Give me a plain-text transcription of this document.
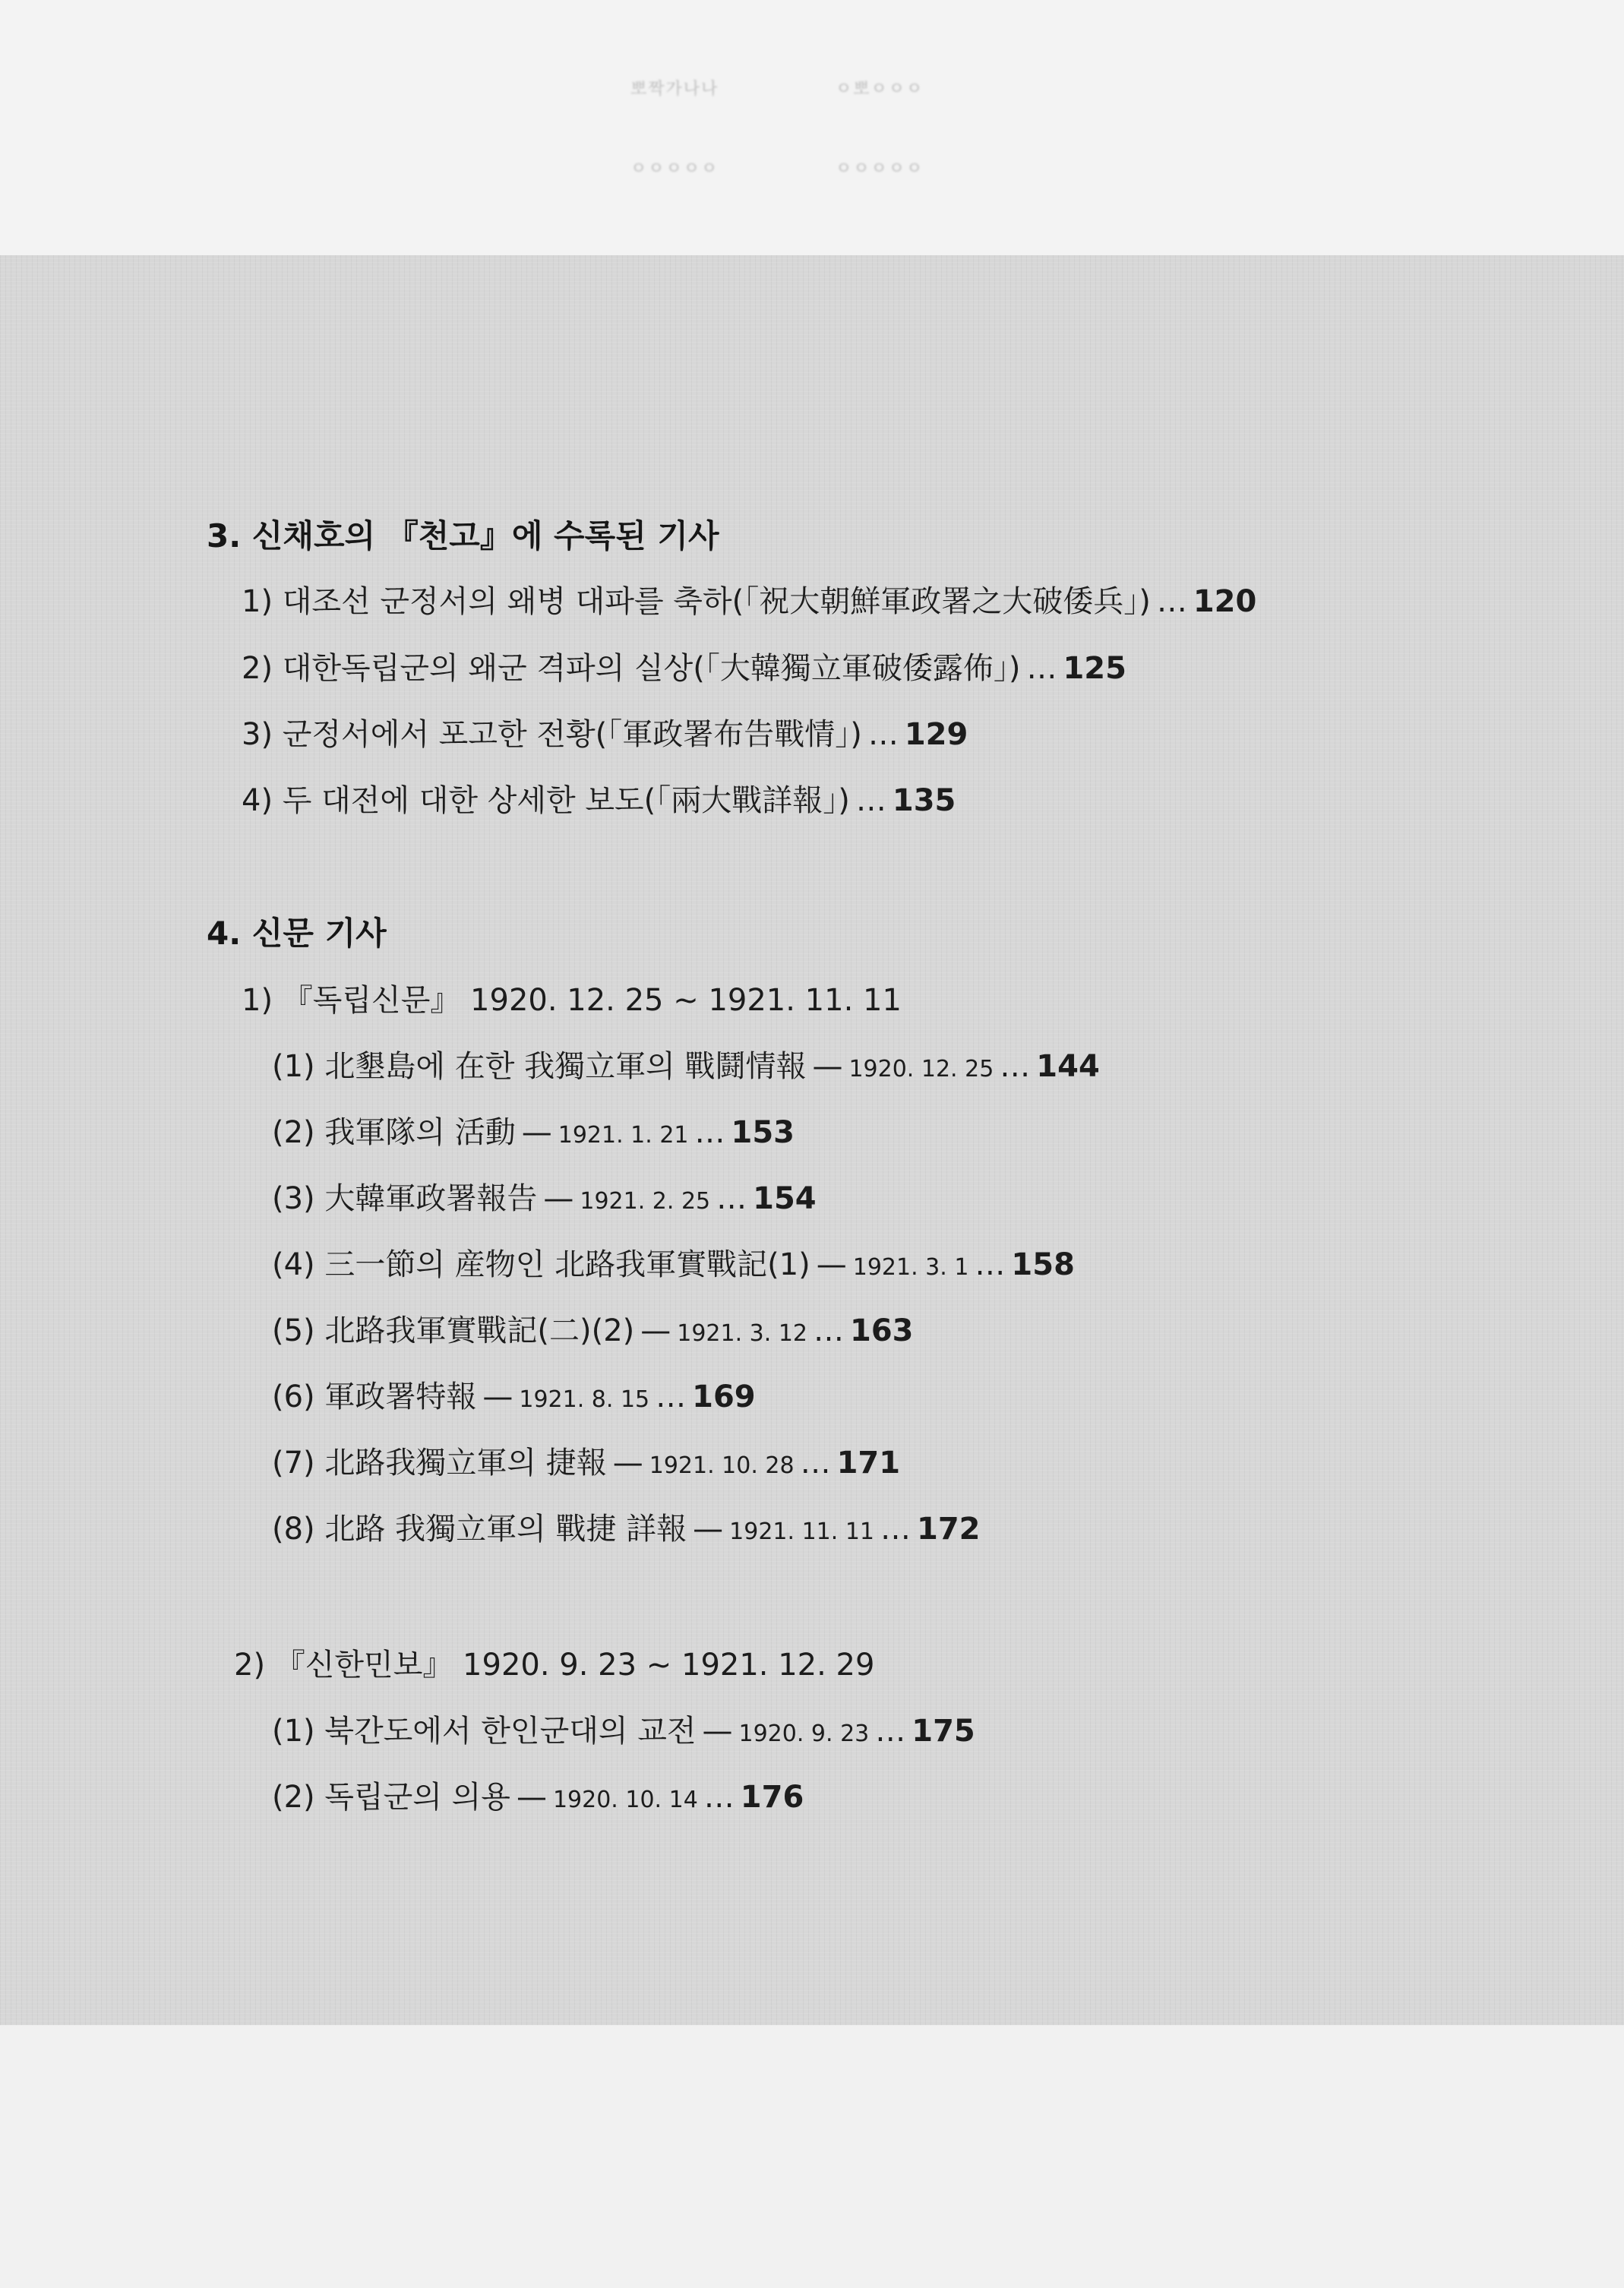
뽀짝가나나	ㅇ뽀ㅇㅇㅇ
ㅇㅇㅇㅇㅇ	ㅇㅇㅇㅇㅇ
3. 신채호의 『천고』에 수록된 기사
1) 대조선 군정서의 왜병 대파를 축하(「祝大朝鮮軍政署之大破倭兵」) … 120
2) 대한독립군의 왜군 격파의 실상(「大韓獨立軍破倭露佈」) … 125
3) 군정서에서 포고한 전황(「軍政署布告戰情」) … 129
4) 두 대전에 대한 상세한 보도(「兩大戰詳報」) … 135
4. 신문 기사
1) 『독립신문』 1920. 12. 25 ~ 1921. 11. 11
(1) 北墾島에 在한 我獨立軍의 戰鬪情報 — 1920. 12. 25 … 144
(2) 我軍隊의 活動 — 1921. 1. 21 … 153
(3) 大韓軍政署報告 — 1921. 2. 25 … 154
(4) 三一節의 産物인 北路我軍實戰記(1) — 1921. 3. 1 … 158
(5) 北路我軍實戰記(二)(2) — 1921. 3. 12 … 163
(6) 軍政署特報 — 1921. 8. 15 … 169
(7) 北路我獨立軍의 捷報 — 1921. 10. 28 … 171
(8) 北路 我獨立軍의 戰捷 詳報 — 1921. 11. 11 … 172
2) 『신한민보』 1920. 9. 23 ~ 1921. 12. 29
(1) 북간도에서 한인군대의 교전 — 1920. 9. 23 … 175
(2) 독립군의 의용 — 1920. 10. 14 … 176
